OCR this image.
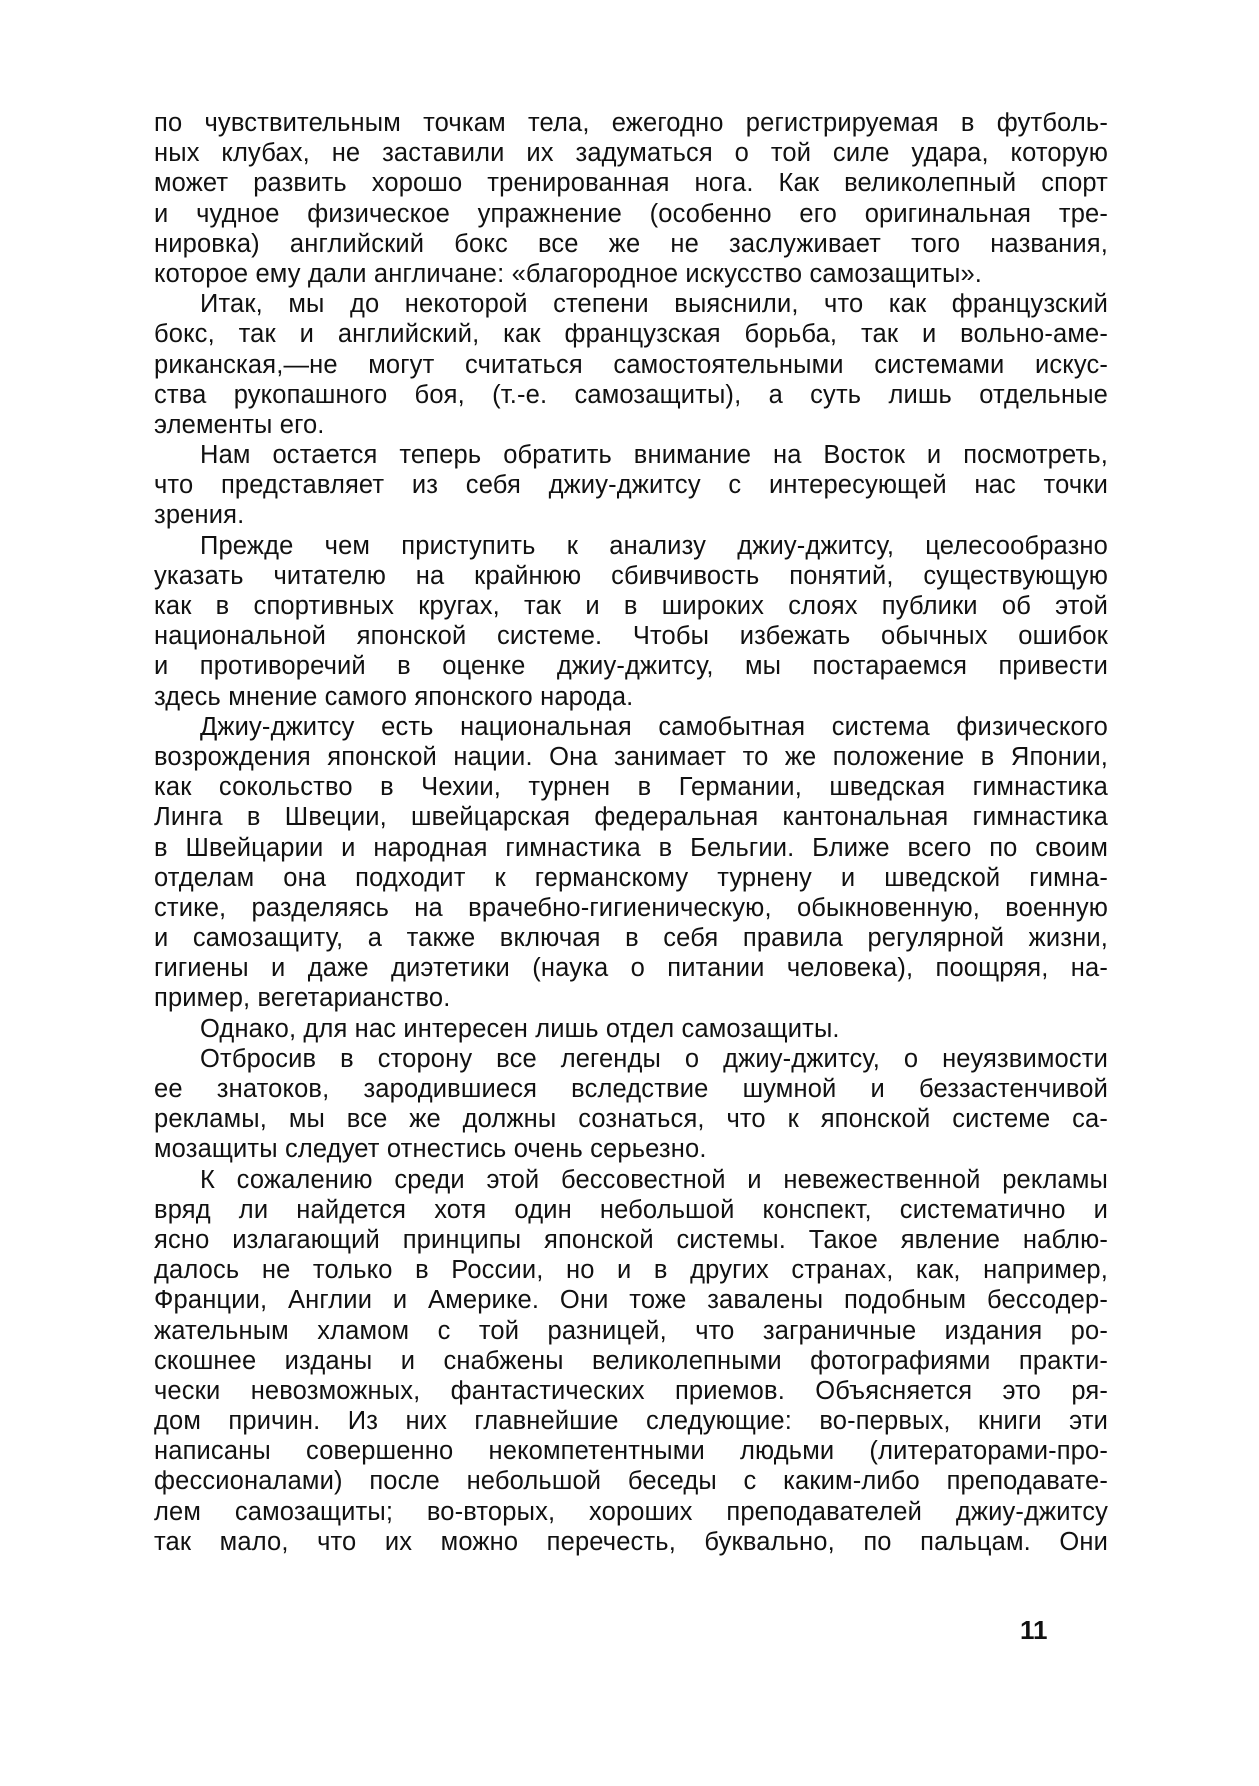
по чувствительным точкам тела, ежегодно регистрируемая в футболь-
ных клубах, не заставили их задуматься о той силе удара, которую
может развить хорошо тренированная нога. Как великолепный спорт
и чудное физическое упражнение (особенно его оригинальная тре-
нировка) английский бокс все же не заслуживает того названия,
которое ему дали англичане: «благородное искусство самозащиты».
Итак, мы до некоторой степени выяснили, что как французский
бокс, так и английский, как французская борьба, так и вольно-аме-
риканская,—не могут считаться самостоятельными системами искус-
ства рукопашного боя, (т.-е. самозащиты), а суть лишь отдельные
элементы его.
Нам остается теперь обратить внимание на Восток и посмотреть,
что представляет из себя джиу-джитсу с интересующей нас точки
зрения.
Прежде чем приступить к анализу джиу-джитсу, целесообразно
указать читателю на крайнюю сбивчивость понятий, существующую
как в спортивных кругах, так и в широких слоях публики об этой
национальной японской системе. Чтобы избежать обычных ошибок
и противоречий в оценке джиу-джитсу, мы постараемся привести
здесь мнение самого японского народа.
Джиу-джитсу есть национальная самобытная система физического
возрождения японской нации. Она занимает то же положение в Японии,
как сокольство в Чехии, турнен в Германии, шведская гимнастика
Линга в Швеции, швейцарская федеральная кантональная гимнастика
в Швейцарии и народная гимнастика в Бельгии. Ближе всего по своим
отделам она подходит к германскому турнену и шведской гимна-
стике, разделяясь на врачебно-гигиеническую, обыкновенную, военную
и самозащиту, а также включая в себя правила регулярной жизни,
гигиены и даже диэтетики (наука о питании человека), поощряя, на-
пример, вегетарианство.
Однако, для нас интересен лишь отдел самозащиты.
Отбросив в сторону все легенды о джиу-джитсу, о неуязвимости
ее знатоков, зародившиеся вследствие шумной и беззастенчивой
рекламы, мы все же должны сознаться, что к японской системе са-
мозащиты следует отнестись очень серьезно.
К сожалению среди этой бессовестной и невежественной рекламы
вряд ли найдется хотя один небольшой конспект, систематично и
ясно излагающий принципы японской системы. Такое явление наблю-
далось не только в России, но и в других странах, как, например,
Франции, Англии и Америке. Они тоже завалены подобным бессодер-
жательным хламом с той разницей, что заграничные издания ро-
скошнее изданы и снабжены великолепными фотографиями практи-
чески невозможных, фантастических приемов. Объясняется это ря-
дом причин. Из них главнейшие следующие: во-первых, книги эти
написаны совершенно некомпетентными людьми (литераторами-про-
фессионалами) после небольшой беседы с каким-либо преподавате-
лем самозащиты; во-вторых, хороших преподавателей джиу-джитсу
так мало, что их можно перечесть, буквально, по пальцам. Они
11
